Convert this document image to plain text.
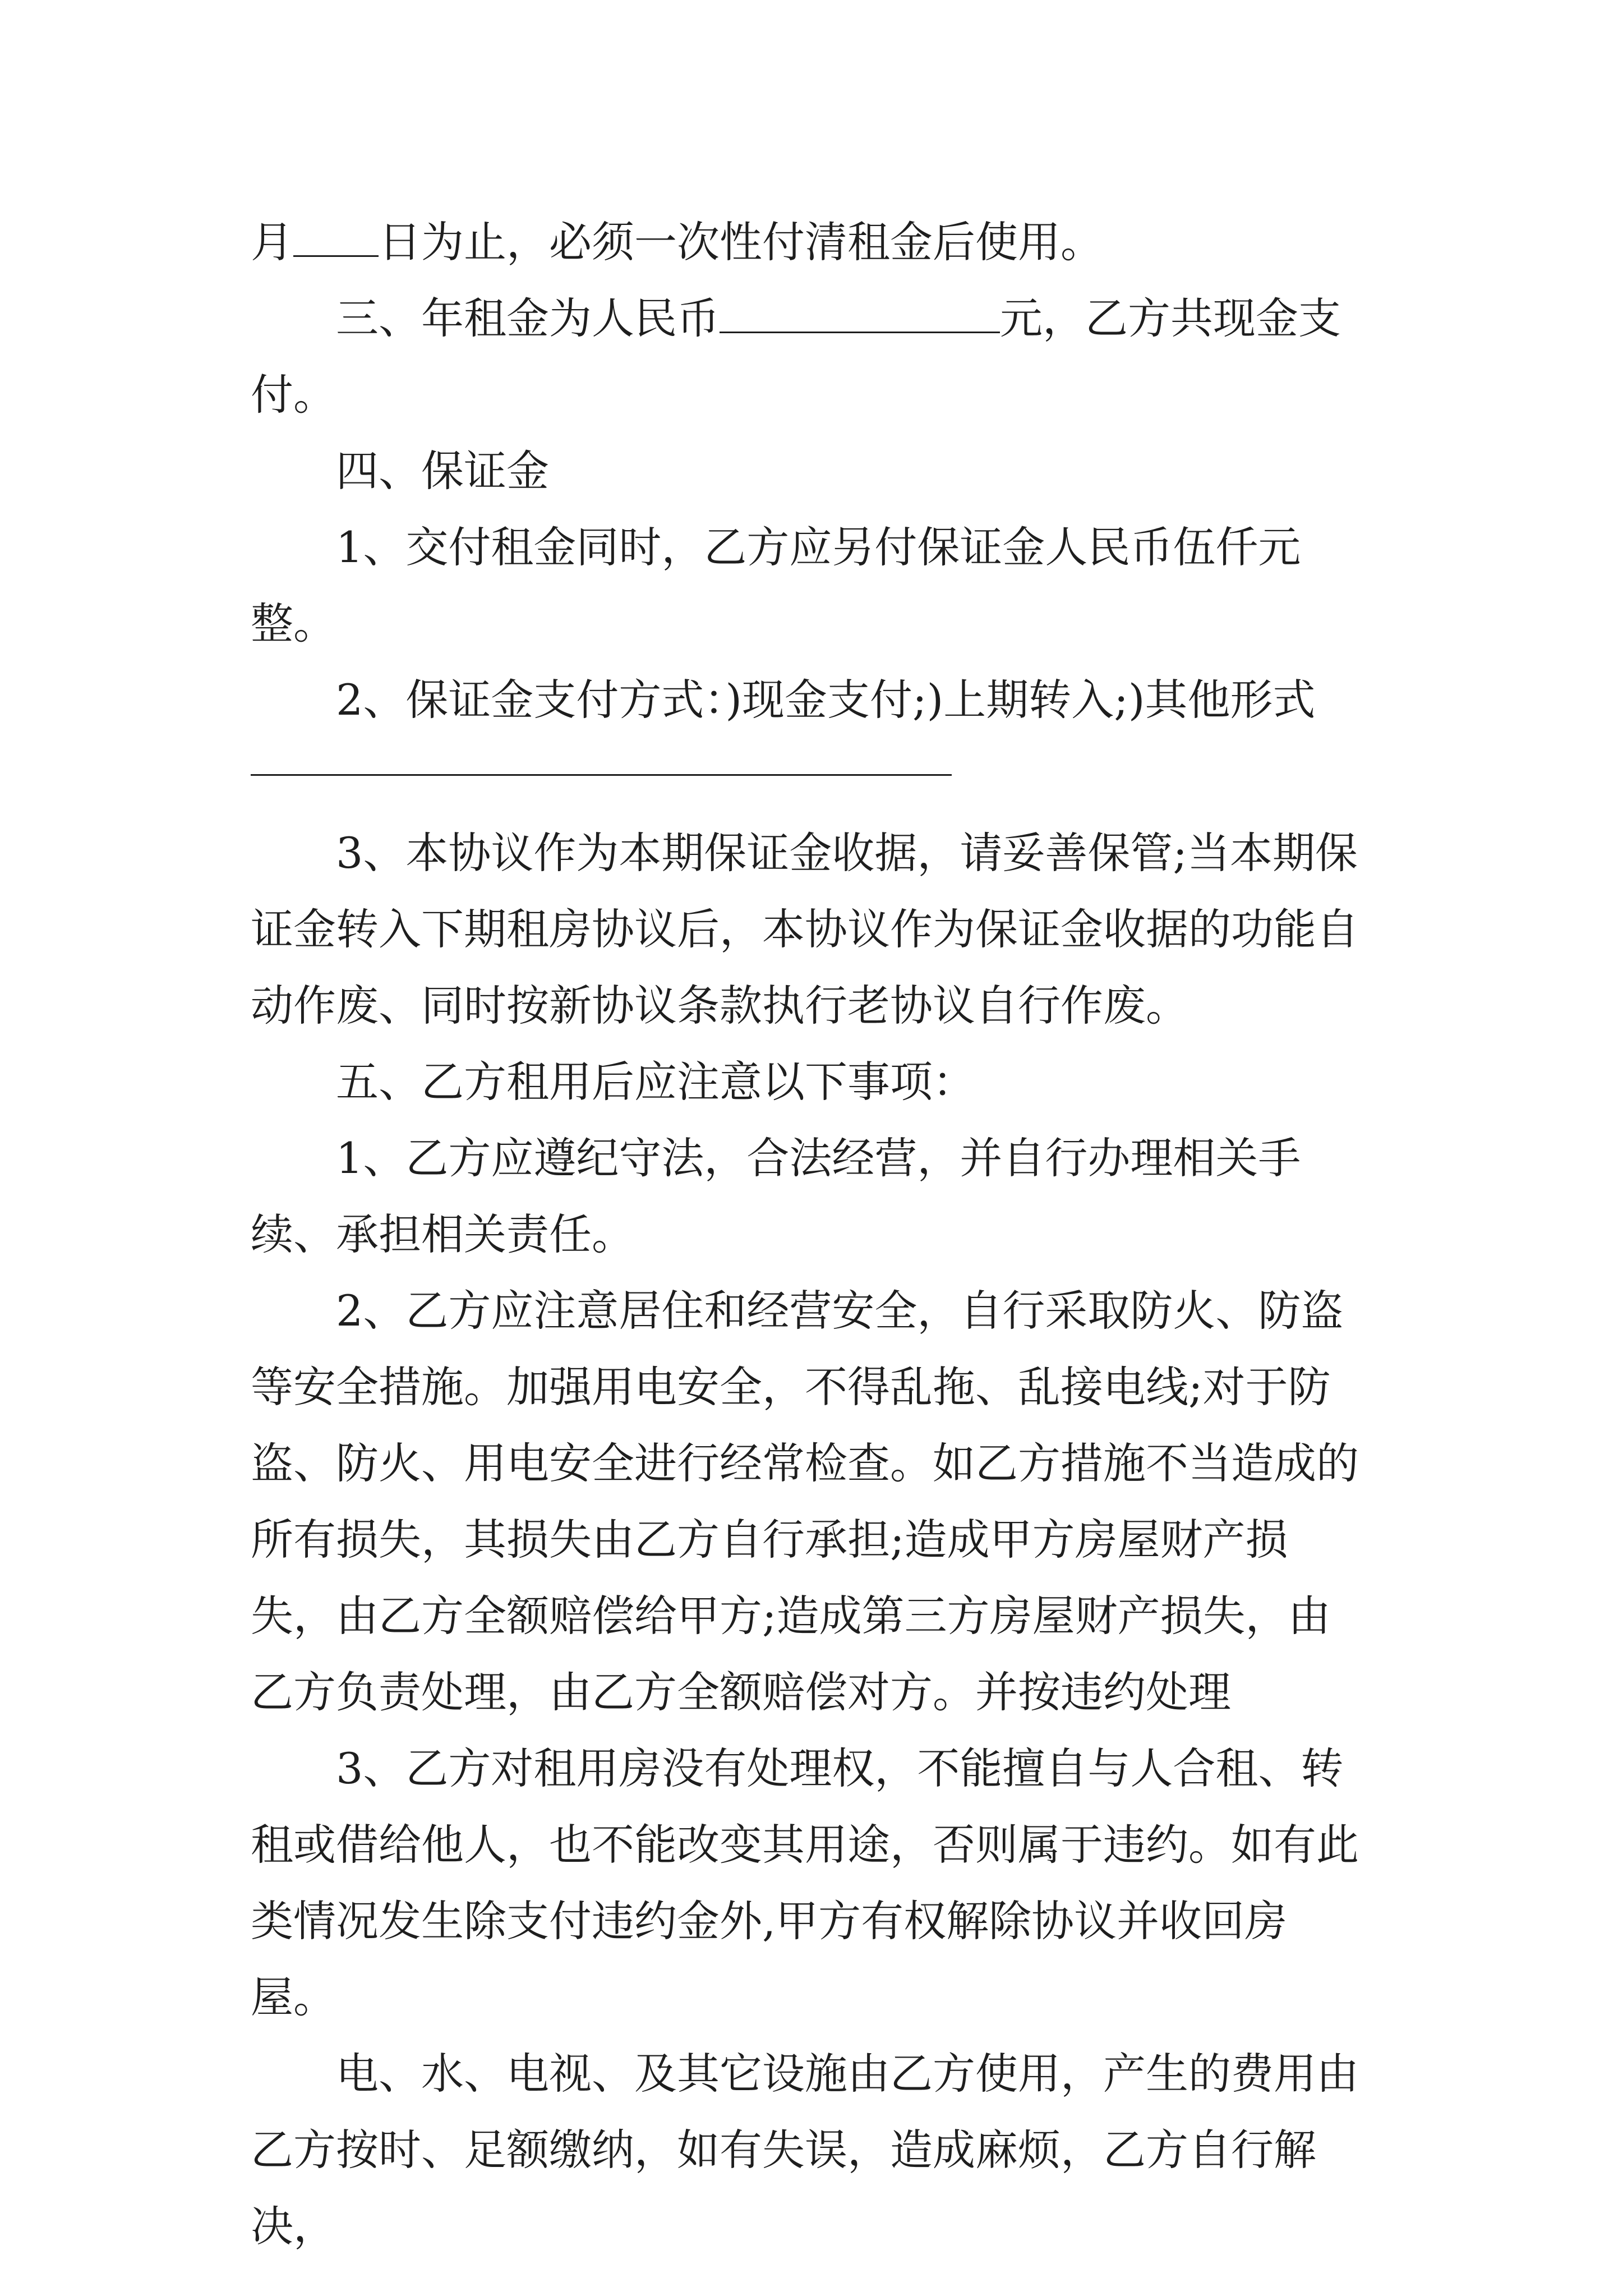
月 日为止，必须一次性付清租金后使用。

三、年租金为人民币	元，乙方共现金支付。

四、保证金

1、交付租金同时，乙方应另付保证金人民币伍仟元整。

2、保证金支付方式：)现金支付;)上期转入;)其他形式

3、本协议作为本期保证金收据，请妥善保管;当本期保证金转入下期租房协议后，本协议作为保证金收据的功能自动作废、同时按新协议条款执行老协议自行作废。

五、乙方租用后应注意以下事项：

1、乙方应遵纪守法，合法经营，并自行办理相关手续、承担相关责任。

2、乙方应注意居住和经营安全，自行采取防火、防盗等安全措施。加强用电安全，不得乱拖、乱接电线;对于防盗、防火、用电安全进行经常检查。如乙方措施不当造成的所有损失，其损失由乙方自行承担;造成甲方房屋财产损失，由乙方全额赔偿给甲方;造成第三方房屋财产损失，由乙方负责处理，由乙方全额赔偿对方。并按违约处理

3、乙方对租用房没有处理权，不能擅自与人合租、转租或借给他人，也不能改变其用途，否则属于违约。如有此类情况发生除支付违约金外,甲方有权解除协议并收回房屋。

电、水、电视、及其它设施由乙方使用，产生的费用由乙方按时、足额缴纳，如有失误，造成麻烦，乙方自行解决，
